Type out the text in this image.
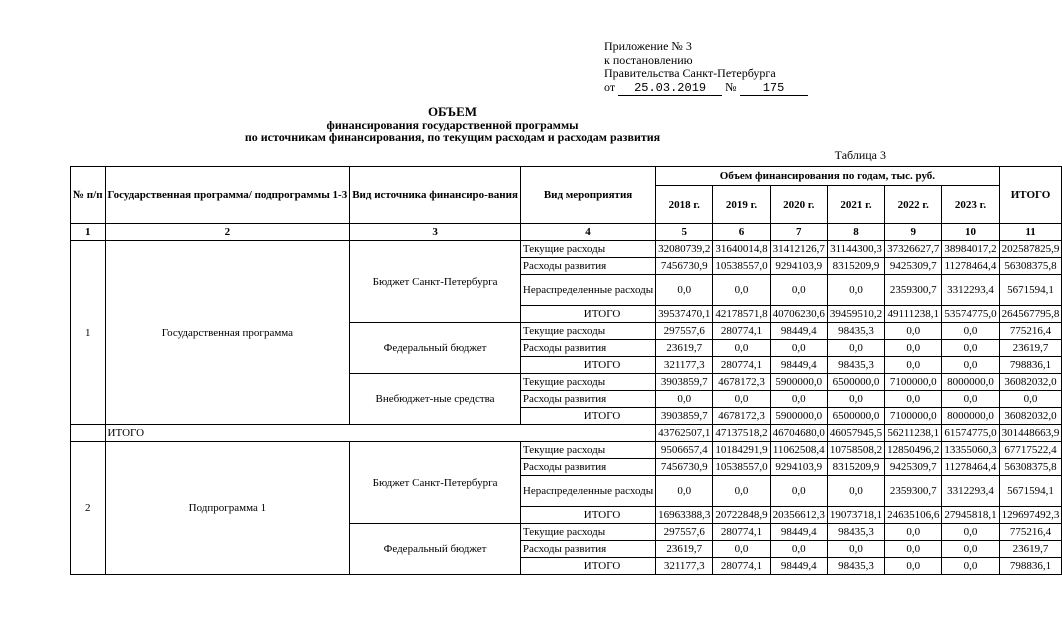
Приложение № 3
к постановлению
Правительства Санкт-Петербурга
от 25.03.2019 № 175
ОБЪЕМ
финансирования государственной программы
по источникам финансирования, по текущим расходам и расходам развития
Таблица 3
№ п/п	Государственная программа/ подпрограммы 1-3	Вид источника финансиро-вания	Вид мероприятия	Объем финансирования по годам, тыс. руб.						ИТОГО
				2018 г.	2019 г.	2020 г.	2021 г.	2022 г.	2023 г.	
1	2	3	4	5	6	7	8	9	10	11
1	Государственная программа	Бюджет Санкт-Петербурга	Текущие расходы	32080739,2	31640014,8	31412126,7	31144300,3	37326627,7	38984017,2	202587825,9
			Расходы развития	7456730,9	10538557,0	9294103,9	8315209,9	9425309,7	11278464,4	56308375,8
			Нераспределенные расходы	0,0	0,0	0,0	0,0	2359300,7	3312293,4	5671594,1
			ИТОГО	39537470,1	42178571,8	40706230,6	39459510,2	49111238,1	53574775,0	264567795,8
		Федеральный бюджет	Текущие расходы	297557,6	280774,1	98449,4	98435,3	0,0	0,0	775216,4
			Расходы развития	23619,7	0,0	0,0	0,0	0,0	0,0	23619,7
			ИТОГО	321177,3	280774,1	98449,4	98435,3	0,0	0,0	798836,1
		Внебюджет-ные средства	Текущие расходы	3903859,7	4678172,3	5900000,0	6500000,0	7100000,0	8000000,0	36082032,0
			Расходы развития	0,0	0,0	0,0	0,0	0,0	0,0	0,0
			ИТОГО	3903859,7	4678172,3	5900000,0	6500000,0	7100000,0	8000000,0	36082032,0
	ИТОГО			43762507,1	47137518,2	46704680,0	46057945,5	56211238,1	61574775,0	301448663,9
2	Подпрограмма 1	Бюджет Санкт-Петербурга	Текущие расходы	9506657,4	10184291,9	11062508,4	10758508,2	12850496,2	13355060,3	67717522,4
			Расходы развития	7456730,9	10538557,0	9294103,9	8315209,9	9425309,7	11278464,4	56308375,8
			Нераспределенные расходы	0,0	0,0	0,0	0,0	2359300,7	3312293,4	5671594,1
			ИТОГО	16963388,3	20722848,9	20356612,3	19073718,1	24635106,6	27945818,1	129697492,3
		Федеральный бюджет	Текущие расходы	297557,6	280774,1	98449,4	98435,3	0,0	0,0	775216,4
			Расходы развития	23619,7	0,0	0,0	0,0	0,0	0,0	23619,7
			ИТОГО	321177,3	280774,1	98449,4	98435,3	0,0	0,0	798836,1
